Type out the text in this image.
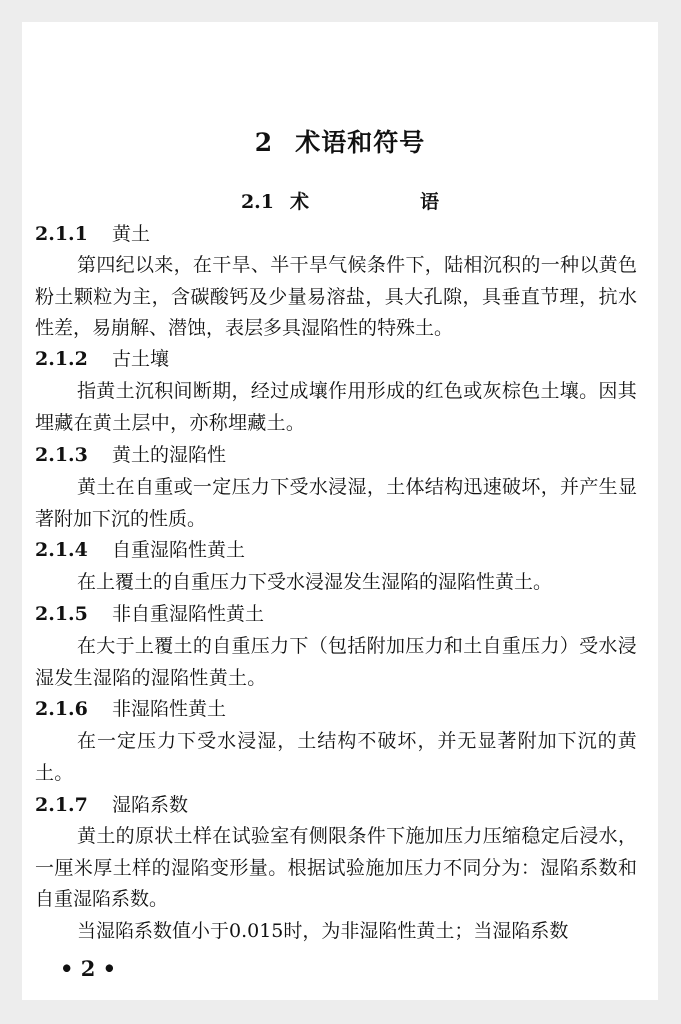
2 术语和符号
2.1 术　语
2.1.1 黄土
第四纪以来，在干旱、半干旱气候条件下，陆相沉积的一种以黄色粉土颗粒为主，含碳酸钙及少量易溶盐，具大孔隙，具垂直节理，抗水性差，易崩解、潜蚀，表层多具湿陷性的特殊土。
2.1.2 古土壤
指黄土沉积间断期，经过成壤作用形成的红色或灰棕色土壤。因其埋藏在黄土层中，亦称埋藏土。
2.1.3 黄土的湿陷性
黄土在自重或一定压力下受水浸湿，土体结构迅速破坏，并产生显著附加下沉的性质。
2.1.4 自重湿陷性黄土
在上覆土的自重压力下受水浸湿发生湿陷的湿陷性黄土。
2.1.5 非自重湿陷性黄土
在大于上覆土的自重压力下（包括附加压力和土自重压力）受水浸湿发生湿陷的湿陷性黄土。
2.1.6 非湿陷性黄土
在一定压力下受水浸湿，土结构不破坏，并无显著附加下沉的黄土。
2.1.7 湿陷系数
黄土的原状土样在试验室有侧限条件下施加压力压缩稳定后浸水，一厘米厚土样的湿陷变形量。根据试验施加压力不同分为：湿陷系数和自重湿陷系数。
当湿陷系数值小于0.015时，为非湿陷性黄土；当湿陷系数
• 2 •
